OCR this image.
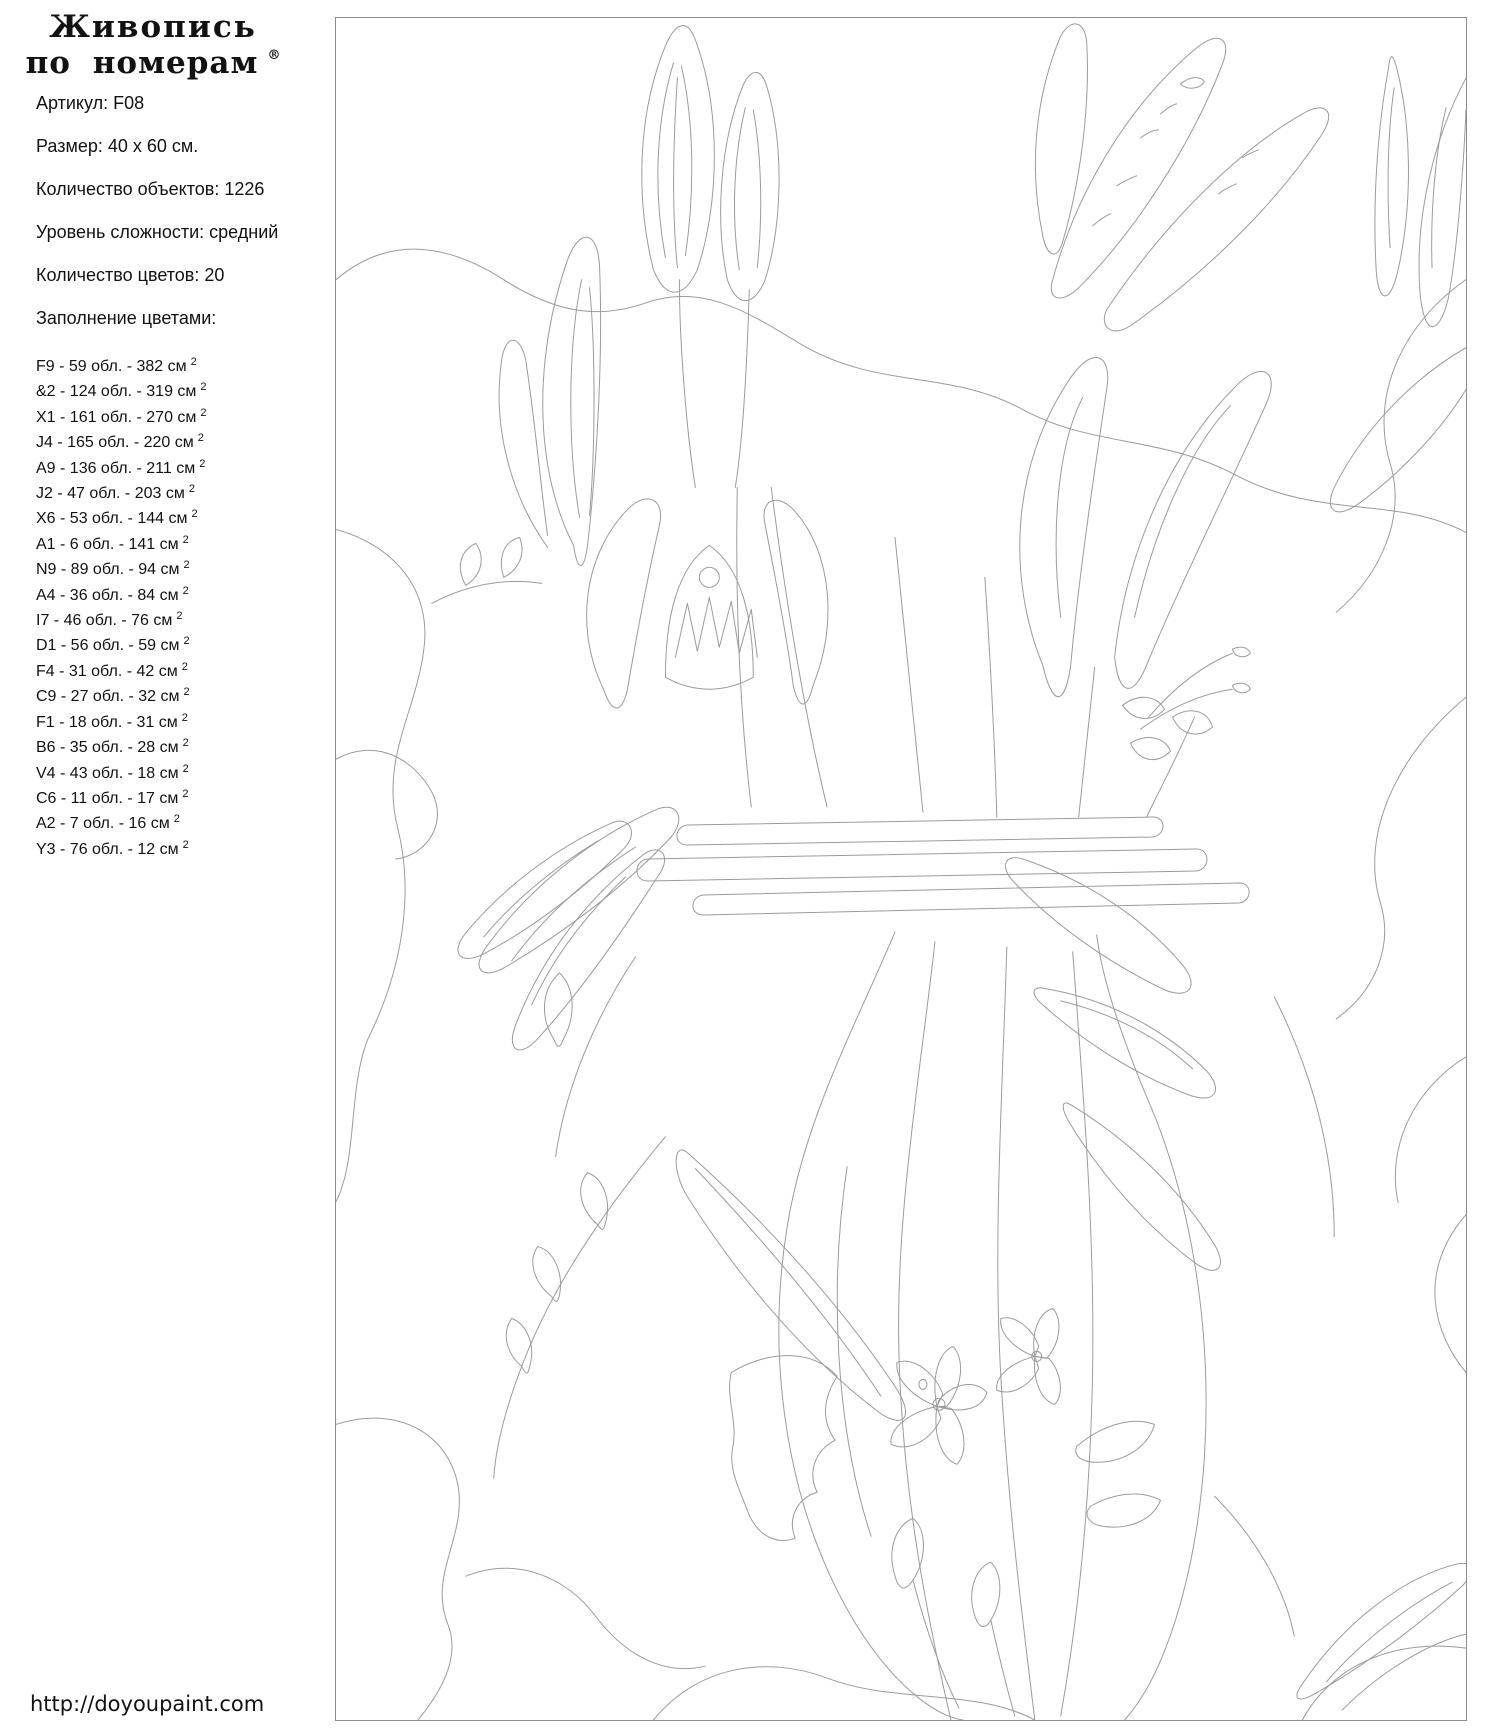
Живопись
по номерам ®

Артикул: F08

Размер: 40 x 60 см.

Количество объектов: 1226

Уровень сложности: средний

Количество цветов: 20

Заполнение цветами:

F9 - 59 обл. - 382 см $^2$
&2 - 124 обл. - 319 см $^2$
X1 - 161 обл. - 270 см $^2$
J4 - 165 обл. - 220 см $^2$
A9 - 136 обл. - 211 см $^2$
J2 - 47 обл. - 203 см $^2$
X6 - 53 обл. - 144 см $^2$
A1 - 6 обл. - 141 см $^2$
N9 - 89 обл. - 94 см $^2$
A4 - 36 обл. - 84 см $^2$
I7 - 46 обл. - 76 см $^2$
D1 - 56 обл. - 59 см $^2$
F4 - 31 обл. - 42 см $^2$
C9 - 27 обл. - 32 см $^2$
F1 - 18 обл. - 31 см $^2$
B6 - 35 обл. - 28 см $^2$
V4 - 43 обл. - 18 см $^2$
C6 - 11 обл. - 17 см $^2$
A2 - 7 обл. - 16 см $^2$
Y3 - 76 обл. - 12 см $^2$
http://doyoupaint.com
